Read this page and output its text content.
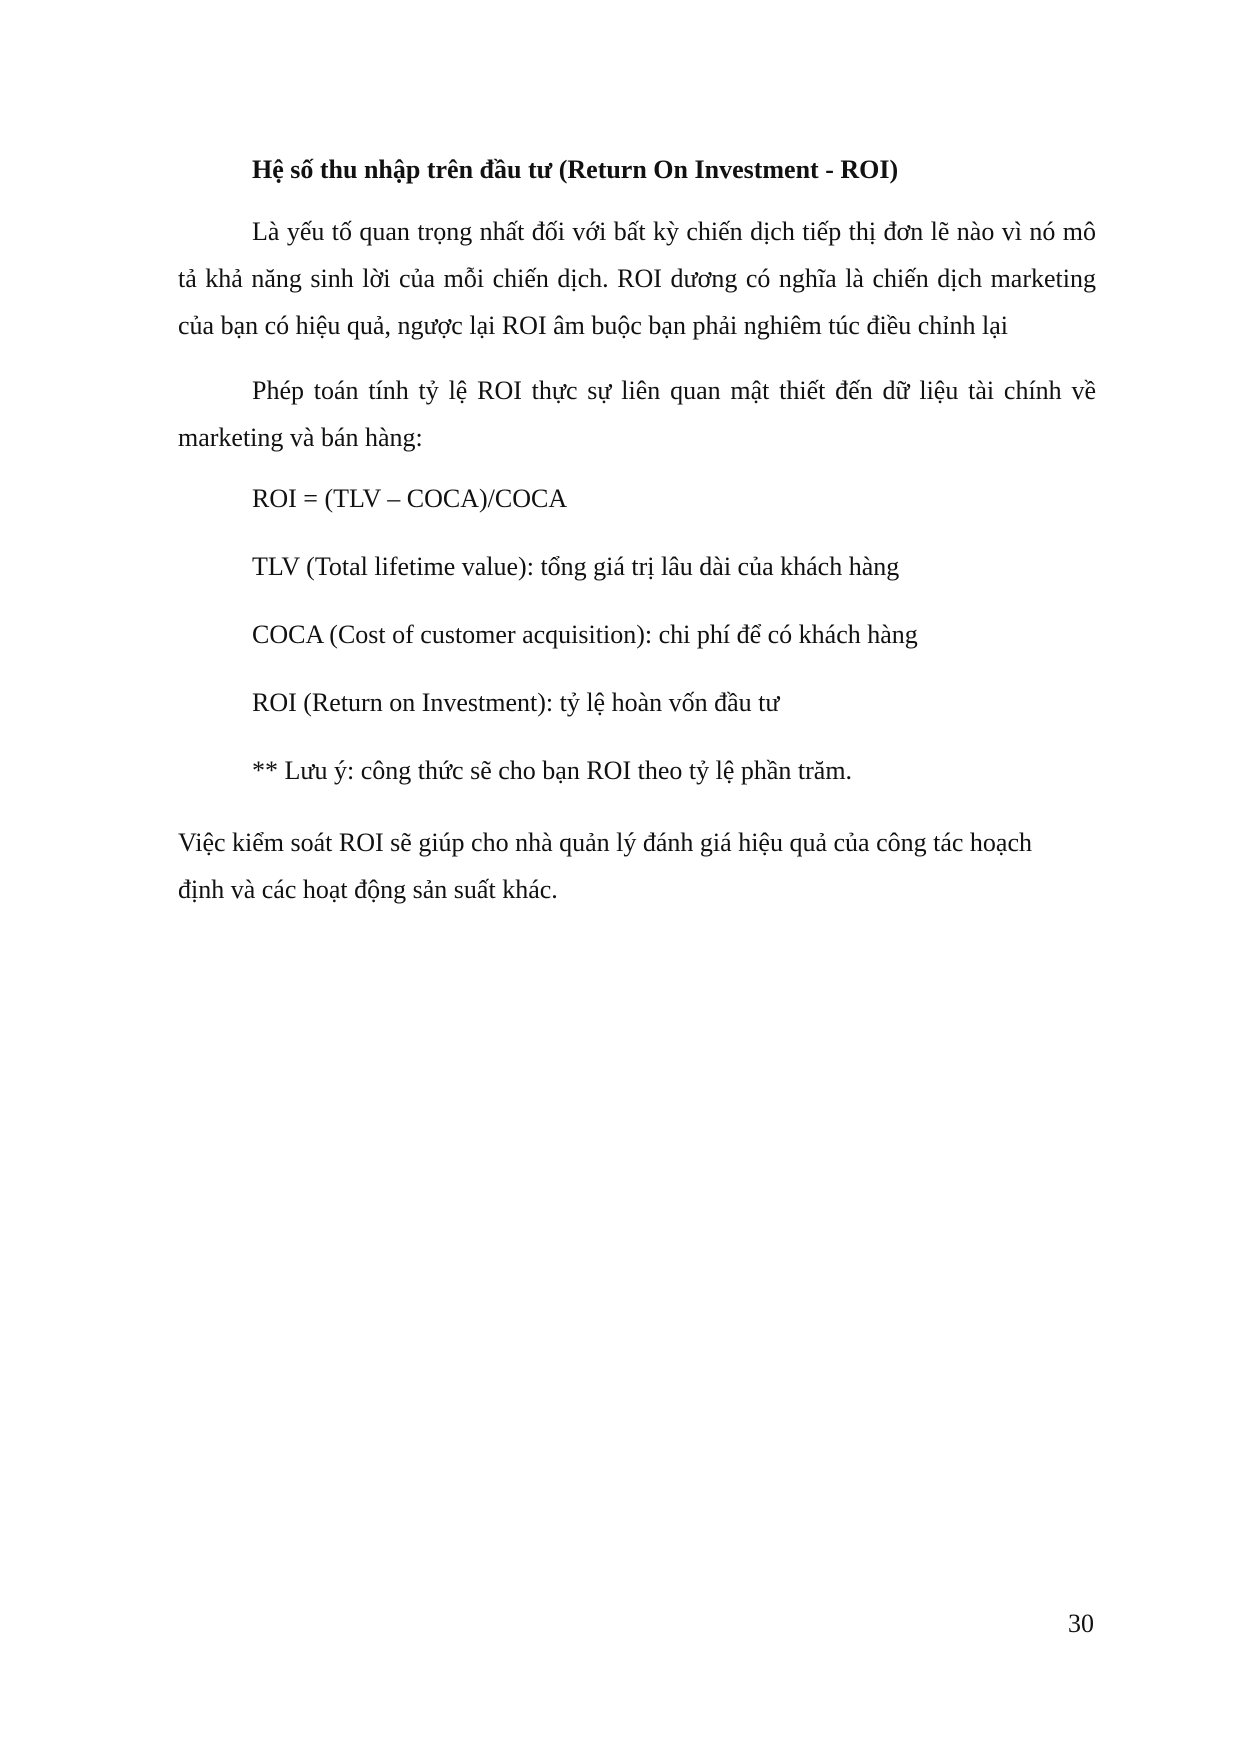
Hệ số thu nhập trên đầu tư (Return On Investment - ROI)

Là yếu tố quan trọng nhất đối với bất kỳ chiến dịch tiếp thị đơn lẽ nào vì nó mô tả khả năng sinh lời của mỗi chiến dịch. ROI dương có nghĩa là chiến dịch marketing của bạn có hiệu quả, ngược lại ROI âm buộc bạn phải nghiêm túc điều chỉnh lại

Phép toán tính tỷ lệ ROI thực sự liên quan mật thiết đến dữ liệu tài chính về marketing và bán hàng:

ROI = (TLV – COCA)/COCA
TLV (Total lifetime value): tổng giá trị lâu dài của khách hàng
COCA (Cost of customer acquisition): chi phí để có khách hàng
ROI (Return on Investment): tỷ lệ hoàn vốn đầu tư
** Lưu ý: công thức sẽ cho bạn ROI theo tỷ lệ phần trăm.

Việc kiểm soát ROI sẽ giúp cho nhà quản lý đánh giá hiệu quả của công tác hoạch định và các hoạt động sản suất khác.

30
